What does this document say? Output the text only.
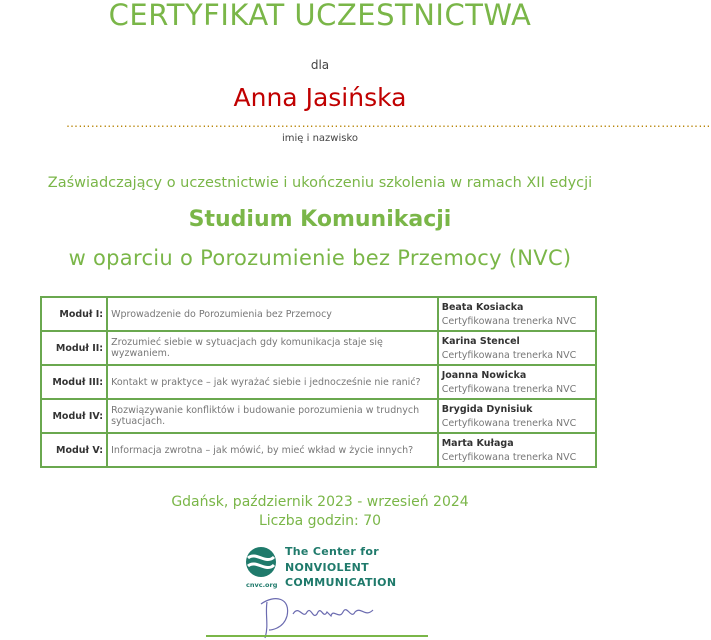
CERTYFIKAT UCZESTNICTWA
dla
Anna Jasińska
…………………………………………………………………………………………………………………………………………
imię i nazwisko
Zaświadczający o uczestnictwie i ukończeniu szkolenia w ramach XII edycji
Studium Komunikacji
w oparciu o Porozumienie bez Przemocy (NVC)
Moduł I:	Wprowadzenie do Porozumienia bez Przemocy	Beata Kosiacka
Certyfikowana trenerka NVC

Moduł II:	Zrozumieć siebie w sytuacjach gdy komunikacja staje się wyzwaniem.	Karina Stencel
Certyfikowana trenerka NVC

Moduł III:	Kontakt w praktyce – jak wyrażać siebie i jednocześnie nie ranić?	Joanna Nowicka
Certyfikowana trenerka NVC

Moduł IV:	Rozwiązywanie konfliktów i budowanie porozumienia w trudnych sytuacjach.	Brygida Dynisiuk
Certyfikowana trenerka NVC

Moduł V:	Informacja zwrotna – jak mówić, by mieć wkład w życie innych?	Marta Kułaga
Certyfikowana trenerka NVC
Gdańsk, październik 2023 - wrzesień 2024
Liczba godzin: 70
cnvc.org
The Center for
NONVIOLENT
COMMUNICATION
